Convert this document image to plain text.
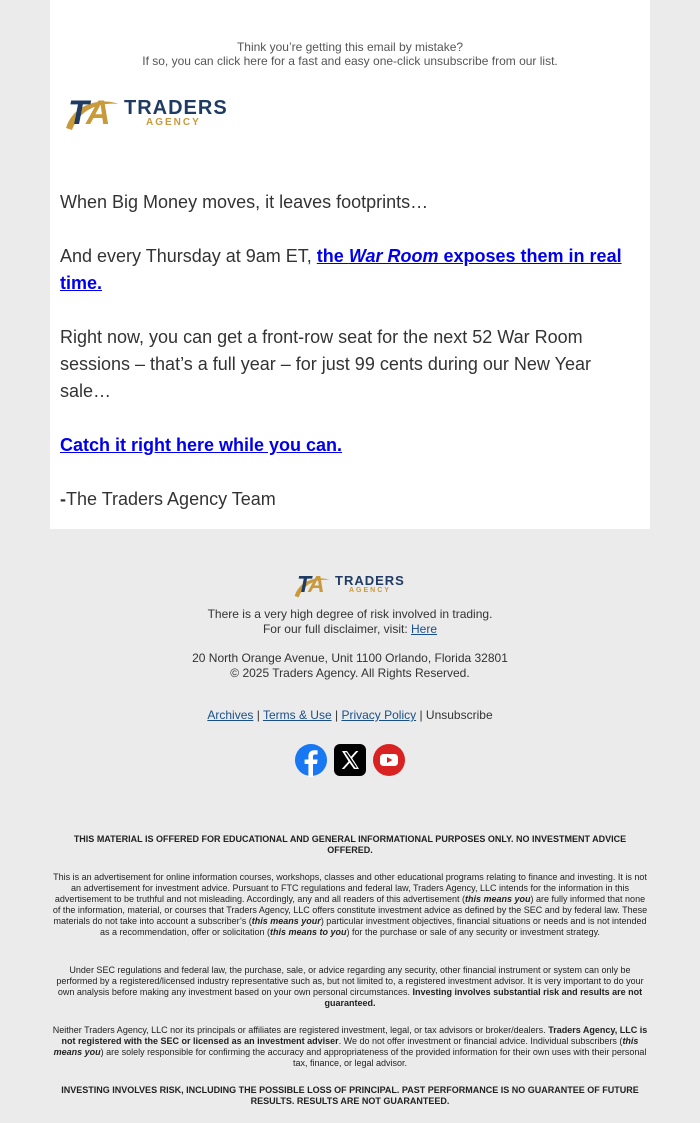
Think you’re getting this email by mistake?
If so, you can click here for a fast and easy one-click unsubscribe from our list.
T
A TRADERS
AGENCY
When Big Money moves, it leaves footprints…
And every Thursday at 9am ET, the War Room exposes them in real time.
Right now, you can get a front-row seat for the next 52 War Room sessions – that’s a full year – for just 99 cents during our New Year sale…
Catch it right here while you can.
-The Traders Agency Team
T
A TRADERS
AGENCY
There is a very high degree of risk involved in trading.
For our full disclaimer, visit: Here
20 North Orange Avenue, Unit 1100 Orlando, Florida 32801
© 2025 Traders Agency. All Rights Reserved.
Archives | Terms & Use | Privacy Policy | Unsubscribe
THIS MATERIAL IS OFFERED FOR EDUCATIONAL AND GENERAL INFORMATIONAL PURPOSES ONLY. NO INVESTMENT ADVICE OFFERED.
This is an advertisement for online information courses, workshops, classes and other educational programs relating to finance and investing. It is not an advertisement for investment advice. Pursuant to FTC regulations and federal law, Traders Agency, LLC intends for the information in this advertisement to be truthful and not misleading. Accordingly, any and all readers of this advertisement (this means you) are fully informed that none of the information, material, or courses that Traders Agency, LLC offers constitute investment advice as defined by the SEC and by federal law. These materials do not take into account a subscriber’s (this means your) particular investment objectives, financial situations or needs and is not intended as a recommendation, offer or solicitation (this means to you) for the purchase or sale of any security or investment strategy.
Under SEC regulations and federal law, the purchase, sale, or advice regarding any security, other financial instrument or system can only be performed by a registered/licensed industry representative such as, but not limited to, a registered investment advisor. It is very important to do your own analysis before making any investment based on your own personal circumstances. Investing involves substantial risk and results are not guaranteed.
Neither Traders Agency, LLC nor its principals or affiliates are registered investment, legal, or tax advisors or broker/dealers. Traders Agency, LLC is not registered with the SEC or licensed as an investment adviser. We do not offer investment or financial advice. Individual subscribers (this means you) are solely responsible for confirming the accuracy and appropriateness of the provided information for their own uses with their personal tax, finance, or legal advisor.
INVESTING INVOLVES RISK, INCLUDING THE POSSIBLE LOSS OF PRINCIPAL. PAST PERFORMANCE IS NO GUARANTEE OF FUTURE RESULTS. RESULTS ARE NOT GUARANTEED.
